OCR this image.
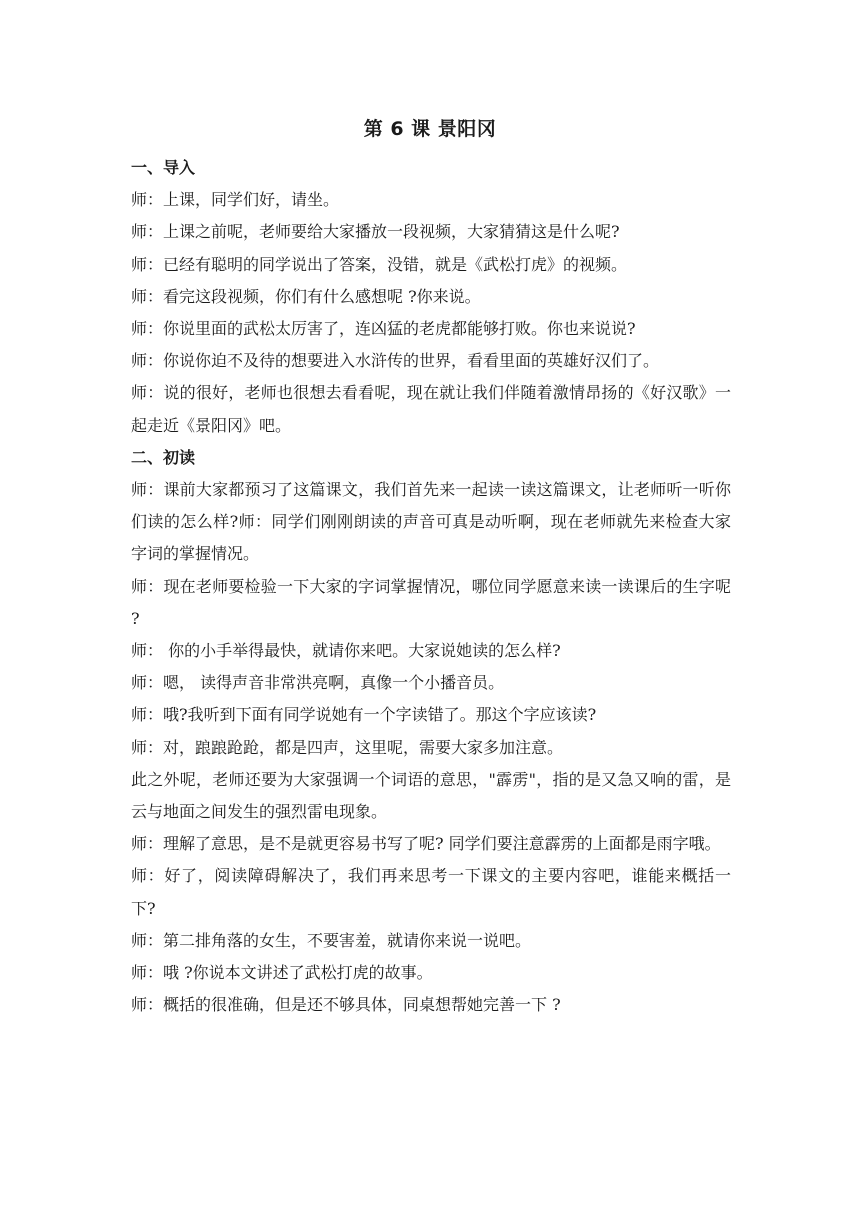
第 6 课 景阳冈
一、导入
师：上课，同学们好，请坐。
师：上课之前呢，老师要给大家播放一段视频，大家猜猜这是什么呢?
师：已经有聪明的同学说出了答案，没错，就是《武松打虎》的视频。
师：看完这段视频，你们有什么感想呢 ?你来说。
师：你说里面的武松太厉害了，连凶猛的老虎都能够打败。你也来说说?
师：你说你迫不及待的想要进入水浒传的世界，看看里面的英雄好汉们了。
师：说的很好，老师也很想去看看呢，现在就让我们伴随着激情昂扬的《好汉歌》一起走近《景阳冈》吧。
二、初读
师：课前大家都预习了这篇课文，我们首先来一起读一读这篇课文，让老师听一听你们读的怎么样?师：同学们刚刚朗读的声音可真是动听啊，现在老师就先来检查大家字词的掌握情况。
师：现在老师要检验一下大家的字词掌握情况，哪位同学愿意来读一读课后的生字呢 ?
师： 你的小手举得最快，就请你来吧。大家说她读的怎么样?
师：嗯， 读得声音非常洪亮啊，真像一个小播音员。
师：哦?我听到下面有同学说她有一个字读错了。那这个字应该读?
师：对，踉踉跄跄，都是四声，这里呢，需要大家多加注意。
此之外呢，老师还要为大家强调一个词语的意思，"霹雳"，指的是又急又响的雷，是云与地面之间发生的强烈雷电现象。
师：理解了意思，是不是就更容易书写了呢? 同学们要注意霹雳的上面都是雨字哦。
师：好了，阅读障碍解决了，我们再来思考一下课文的主要内容吧，谁能来概括一下?
师：第二排角落的女生，不要害羞，就请你来说一说吧。
师：哦 ?你说本文讲述了武松打虎的故事。
师：概括的很准确，但是还不够具体，同桌想帮她完善一下 ?
